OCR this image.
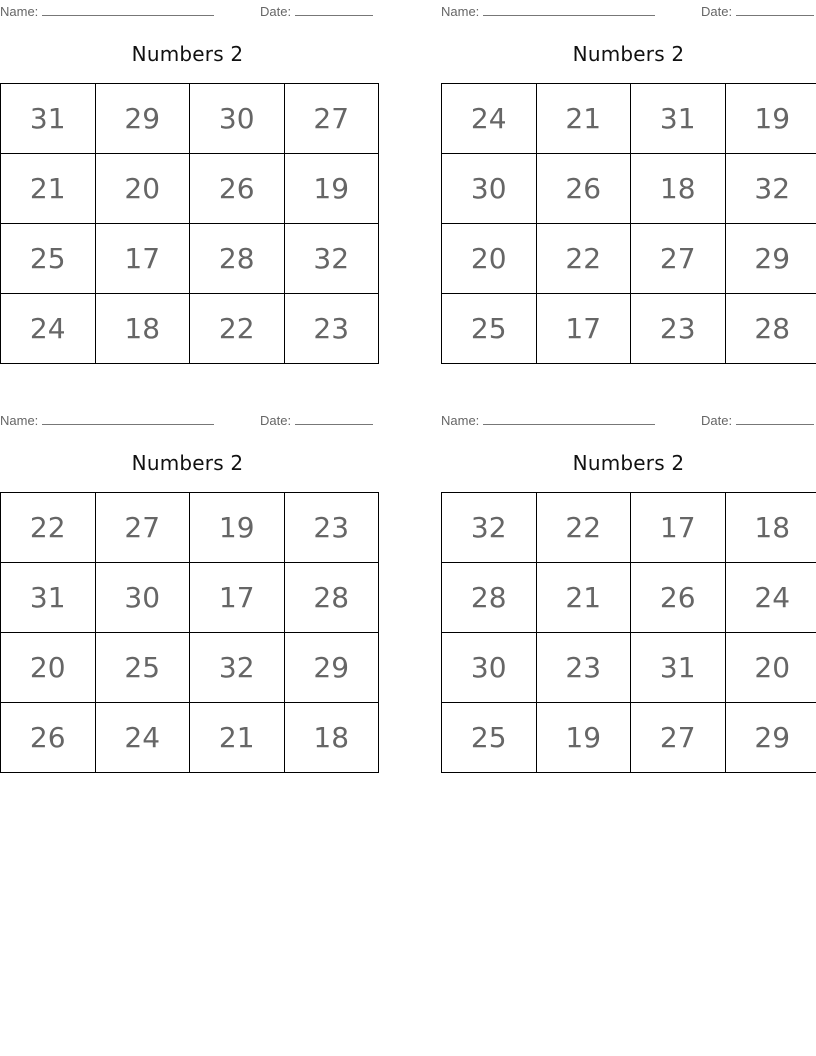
Name:	Date:
Numbers 2
31	29	30	27
21	20	26	19
25	17	28	32
24	18	22	23
Name:	Date:
Numbers 2
24	21	31	19
30	26	18	32
20	22	27	29
25	17	23	28
Name:	Date:
Numbers 2
22	27	19	23
31	30	17	28
20	25	32	29
26	24	21	18
Name:	Date:
Numbers 2
32	22	17	18
28	21	26	24
30	23	31	20
25	19	27	29
